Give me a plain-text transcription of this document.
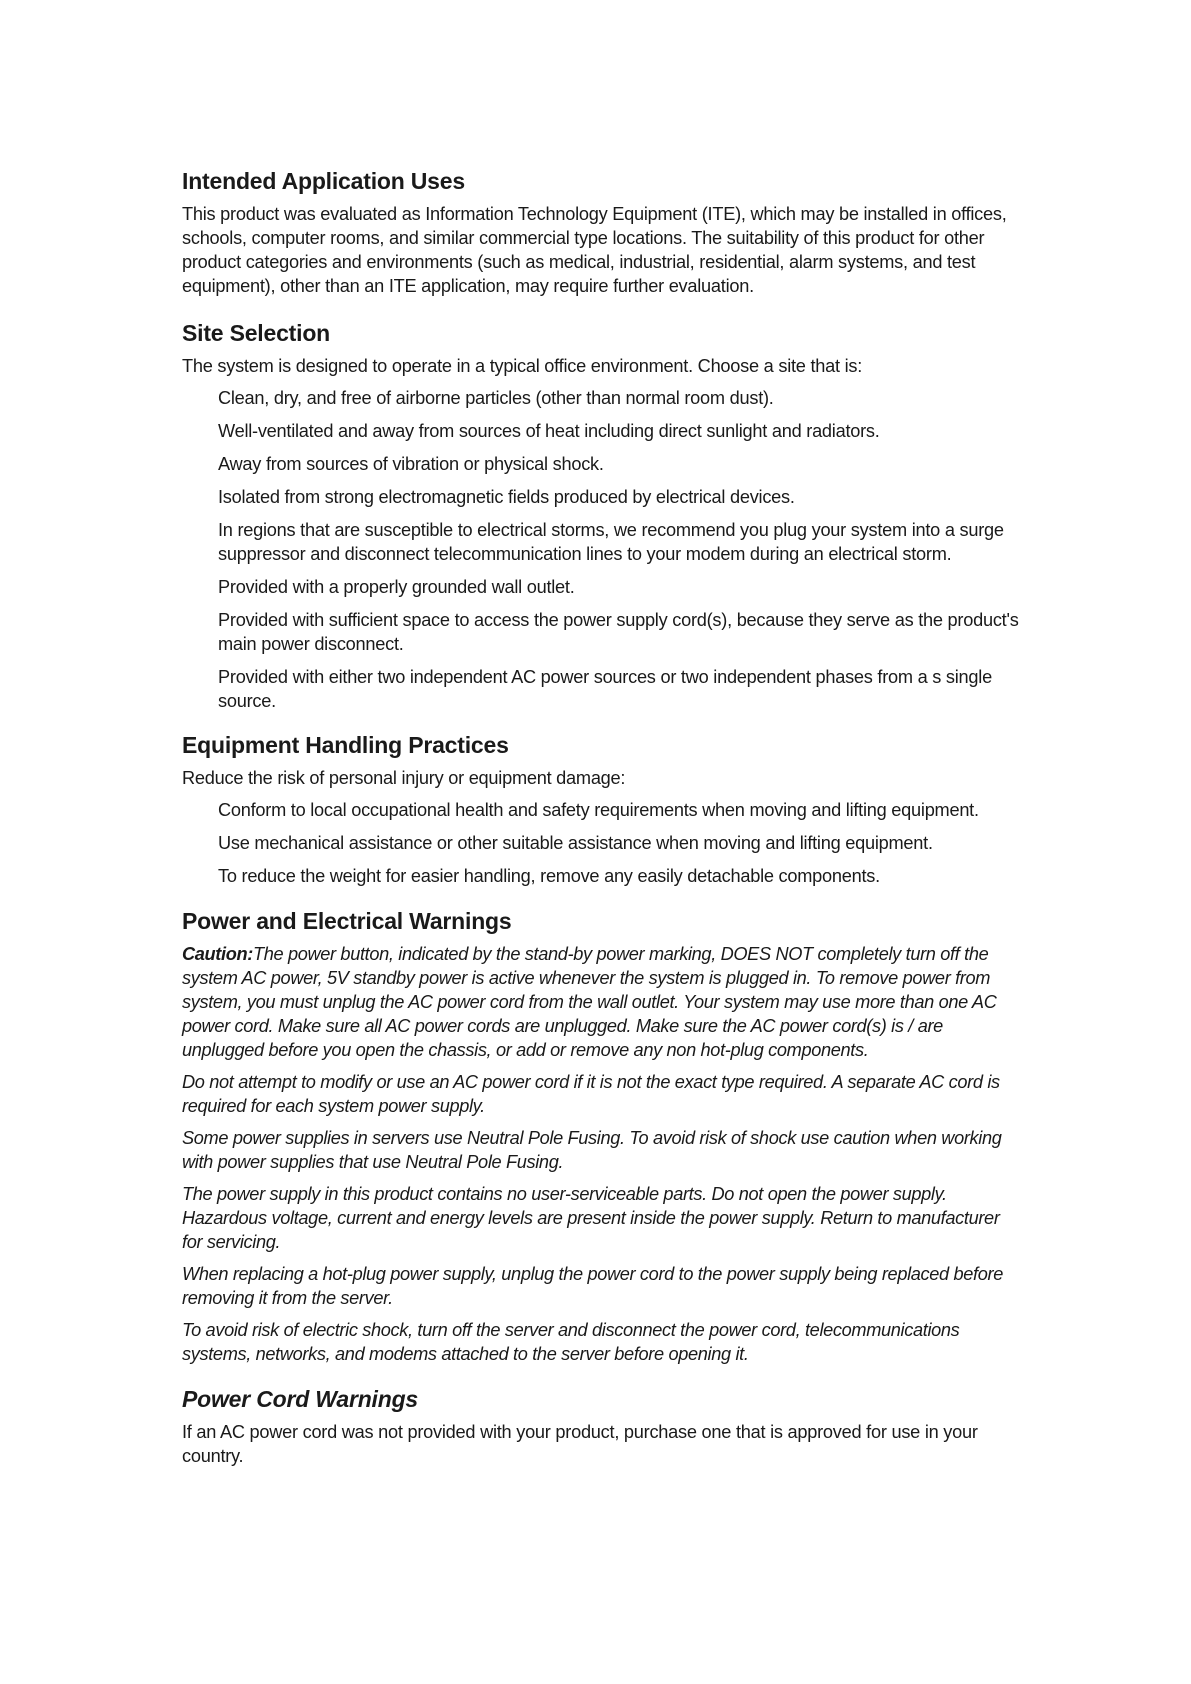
Intended Application Uses

This product was evaluated as Information Technology Equipment (ITE), which may be installed in offices, schools, computer rooms, and similar commercial type locations. The suitability of this product for other product categories and environments (such as medical, industrial, residential, alarm systems, and test equipment), other than an ITE application, may require further evaluation.

Site Selection

The system is designed to operate in a typical office environment. Choose a site that is:

Clean, dry, and free of airborne particles (other than normal room dust).
Well-ventilated and away from sources of heat including direct sunlight and radiators.
Away from sources of vibration or physical shock.
Isolated from strong electromagnetic fields produced by electrical devices.
In regions that are susceptible to electrical storms, we recommend you plug your system into a surge suppressor and disconnect telecommunication lines to your modem during an electrical storm.
Provided with a properly grounded wall outlet.
Provided with sufficient space to access the power supply cord(s), because they serve as the product's main power disconnect.
Provided with either two independent AC power sources or two independent phases from a s single source.
Equipment Handling Practices

Reduce the risk of personal injury or equipment damage:

Conform to local occupational health and safety requirements when moving and lifting equipment.
Use mechanical assistance or other suitable assistance when moving and lifting equipment.
To reduce the weight for easier handling, remove any easily detachable components.
Power and Electrical Warnings

Caution:The power button, indicated by the stand-by power marking, DOES NOT completely turn off the system AC power, 5V standby power is active whenever the system is plugged in. To remove power from system, you must unplug the AC power cord from the wall outlet. Your system may use more than one AC power cord. Make sure all AC power cords are unplugged. Make sure the AC power cord(s) is / are unplugged before you open the chassis, or add or remove any non hot-plug components.

Do not attempt to modify or use an AC power cord if it is not the exact type required. A separate AC cord is required for each system power supply.

Some power supplies in servers use Neutral Pole Fusing. To avoid risk of shock use caution when working with power supplies that use Neutral Pole Fusing.

The power supply in this product contains no user-serviceable parts. Do not open the power supply. Hazardous voltage, current and energy levels are present inside the power supply. Return to manufacturer for servicing.

When replacing a hot-plug power supply, unplug the power cord to the power supply being replaced before removing it from the server.

To avoid risk of electric shock, turn off the server and disconnect the power cord, telecommunications systems, networks, and modems attached to the server before opening it.

Power Cord Warnings

If an AC power cord was not provided with your product, purchase one that is approved for use in your country.
